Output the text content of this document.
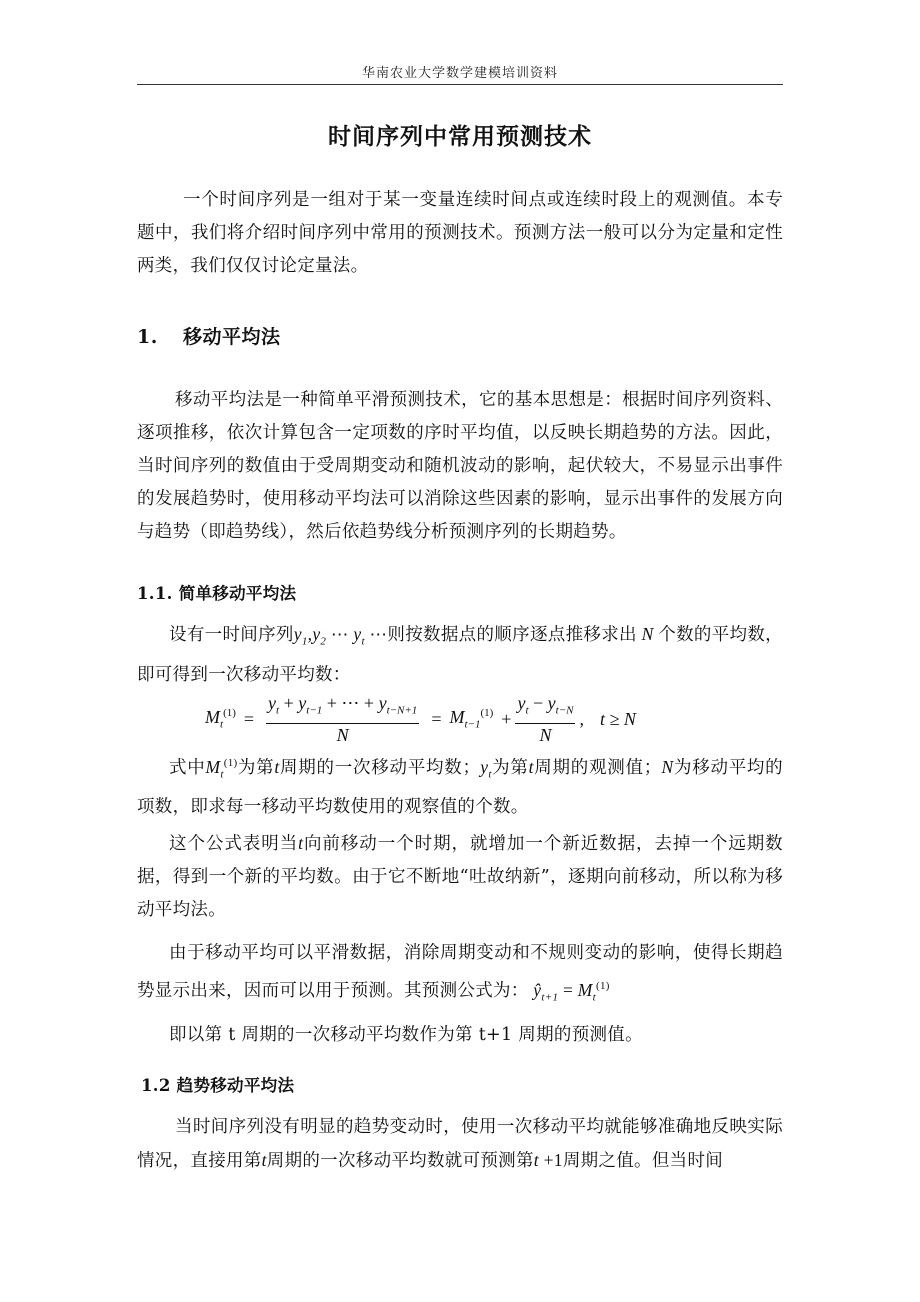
华南农业大学数学建模培训资料
时间序列中常用预测技术

一个时间序列是一组对于某一变量连续时间点或连续时段上的观测值。本专题中，我们将介绍时间序列中常用的预测技术。预测方法一般可以分为定量和定性两类，我们仅仅讨论定量法。

1. 移动平均法

移动平均法是一种简单平滑预测技术，它的基本思想是：根据时间序列资料、逐项推移，依次计算包含一定项数的序时平均值，以反映长期趋势的方法。因此，当时间序列的数值由于受周期变动和随机波动的影响，起伏较大，不易显示出事件的发展趋势时，使用移动平均法可以消除这些因素的影响，显示出事件的发展方向与趋势（即趋势线），然后依趋势线分析预测序列的长期趋势。

1.1. 简单移动平均法

设有一时间序列$y_1,y_2$ ⋯ $y_t$ ⋯则按数据点的顺序逐点推移求出 N 个数的平均数，即可得到一次移动平均数：

$M_t^{(1)} = \frac{y_t + y_{t-1} + \cdots + y_{t-N+1}}{N} = M_{t-1}^{(1)} + \frac{y_t - y_{t-N}}{N}$ , t ≥ N

式中$M_t^{(1)}$为第t周期的一次移动平均数；$y_t$为第t周期的观测值；N为移动平均的项数，即求每一移动平均数使用的观察值的个数。

这个公式表明当t向前移动一个时期，就增加一个新近数据，去掉一个远期数据，得到一个新的平均数。由于它不断地“吐故纳新”，逐期向前移动，所以称为移动平均法。

由于移动平均可以平滑数据，消除周期变动和不规则变动的影响，使得长期趋势显示出来，因而可以用于预测。其预测公式为： $ŷ_{t+1} = M_t^{(1)}$

即以第 t 周期的一次移动平均数作为第 t+1 周期的预测值。

1.2 趋势移动平均法

当时间序列没有明显的趋势变动时，使用一次移动平均就能够准确地反映实际情况，直接用第t周期的一次移动平均数就可预测第t +1周期之值。但当时间
